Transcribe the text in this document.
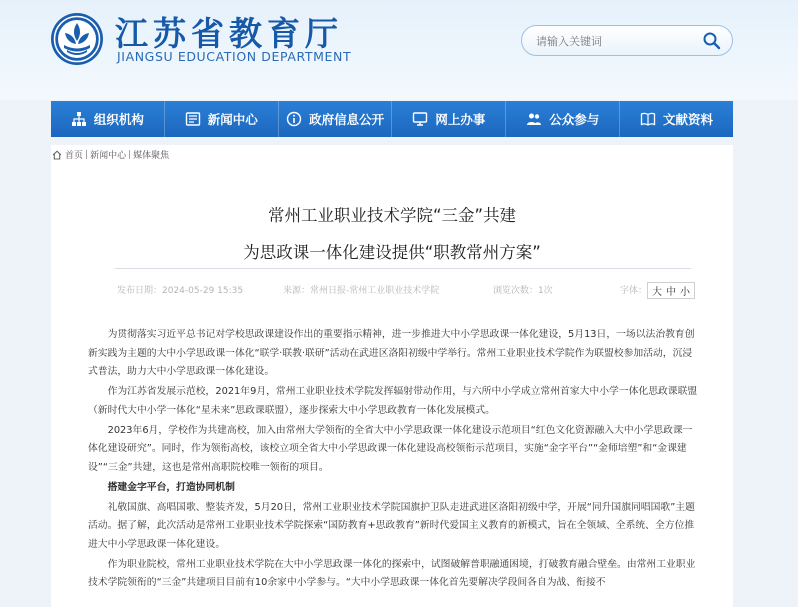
江苏省教育厅
JIANGSU EDUCATION DEPARTMENT
请输入关键词
组织机构	新闻中心	政府信息公开	网上办事	公众参与	文献资料
首页 | 新闻中心 | 媒体聚焦
常州工业职业技术学院“三金”共建
为思政课一体化建设提供“职教常州方案”
发布日期：2024-05-29 15:35	来源：常州日报-常州工业职业技术学院	浏览次数：1次	字体： 大 中 小

为贯彻落实习近平总书记对学校思政课建设作出的重要指示精神，进一步推进大中小学思政课一体化建设，5月13日，一场以法治教育创新实践为主题的大中小学思政课一体化“联学·联教·联研”活动在武进区洛阳初级中学举行。常州工业职业技术学院作为联盟校参加活动，沉浸式普法，助力大中小学思政课一体化建设。

作为江苏省发展示范校，2021年9月，常州工业职业技术学院发挥辐射带动作用，与六所中小学成立常州首家大中小学一体化思政课联盟（新时代大中小学一体化“星未来”思政课联盟），逐步探索大中小学思政教育一体化发展模式。

2023年6月，学校作为共建高校，加入由常州大学领衔的全省大中小学思政课一体化建设示范项目“红色文化资源融入大中小学思政课一体化建设研究”。同时，作为领衔高校，该校立项全省大中小学思政课一体化建设高校领衔示范项目，实施“金字平台”“金师培塑”和“金课建设”“三金”共建，这也是常州高职院校唯一领衔的项目。

搭建金字平台，打造协同机制

礼敬国旗、高唱国歌、整装齐发，5月20日，常州工业职业技术学院国旗护卫队走进武进区洛阳初级中学，开展“同升国旗同唱国歌”主题活动。据了解，此次活动是常州工业职业技术学院探索“国防教育+思政教育”新时代爱国主义教育的新模式，旨在全领域、全系统、全方位推进大中小学思政课一体化建设。

作为职业院校，常州工业职业技术学院在大中小学思政课一体化的探索中，试图破解普职融通困境，打破教育融合壁垒。由常州工业职业技术学院领衔的“三金”共建项目目前有10余家中小学参与。“大中小学思政课一体化首先要解决学段间各自为战、衔接不
